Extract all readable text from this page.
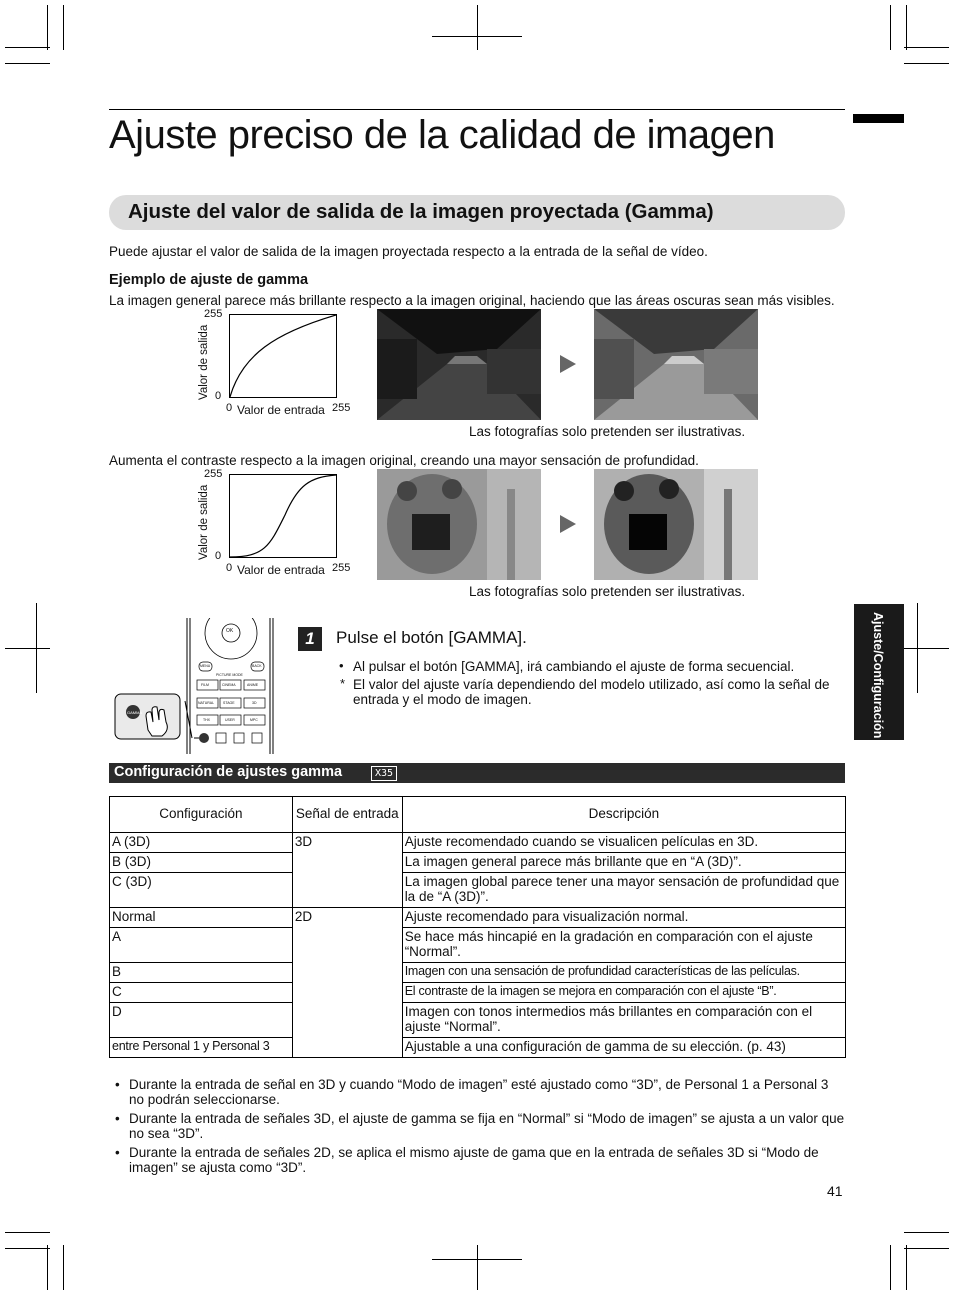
Ajuste preciso de la calidad de imagen
Ajuste del valor de salida de la imagen proyectada (Gamma)
Puede ajustar el valor de salida de la imagen proyectada respecto a la entrada de la señal de vídeo.
Ejemplo de ajuste de gamma
La imagen general parece más brillante respecto a la imagen original, haciendo que las áreas oscuras sean más visibles.
255
Valor de salida 0
0 Valor de entrada 255
Las fotografías solo pretenden ser ilustrativas.
Aumenta el contraste respecto a la imagen original, creando una mayor sensación de profundidad.
255
Valor de salida 0
0 Valor de entrada 255
Las fotografías solo pretenden ser ilustrativas.
Ajuste/Configuración
OK
MENU	BACK
PICTURE MODE
FILM	CINEMA	ANIME
NATURAL	STAGE	3D
THX	USER	MPC
GAMMA
1	Pulse el botón [GAMMA].
• Al pulsar el botón [GAMMA], irá cambiando el ajuste de forma secuencial.
* El valor del ajuste varía dependiendo del modelo utilizado, así como la señal de
entrada y el modo de imagen.
Configuración de ajustes gamma	X35
Configuración	Señal de entrada	Descripción
A (3D)	3D	Ajuste recomendado cuando se visualicen películas en 3D.
B (3D)		La imagen general parece más brillante que en “A (3D)”.
C (3D)		La imagen global parece tener una mayor sensación de profundidad que la de “A (3D)”.
Normal	2D	Ajuste recomendado para visualización normal.
A		Se hace más hincapié en la gradación en comparación con el ajuste “Normal”.
B		Imagen con una sensación de profundidad características de las películas.
C		El contraste de la imagen se mejora en comparación con el ajuste “B”.
D		Imagen con tonos intermedios más brillantes en comparación con el ajuste “Normal”.
entre Personal 1 y Personal 3		Ajustable a una configuración de gamma de su elección. (p. 43)
• Durante la entrada de señal en 3D y cuando “Modo de imagen” esté ajustado como “3D”, de Personal 1 a Personal 3 no podrán seleccionarse.
• Durante la entrada de señales 3D, el ajuste de gamma se fija en “Normal” si “Modo de imagen” se ajusta a un valor que no sea “3D”.
• Durante la entrada de señales 2D, se aplica el mismo ajuste de gama que en la entrada de señales 3D si “Modo de imagen” se ajusta como “3D”.
41
